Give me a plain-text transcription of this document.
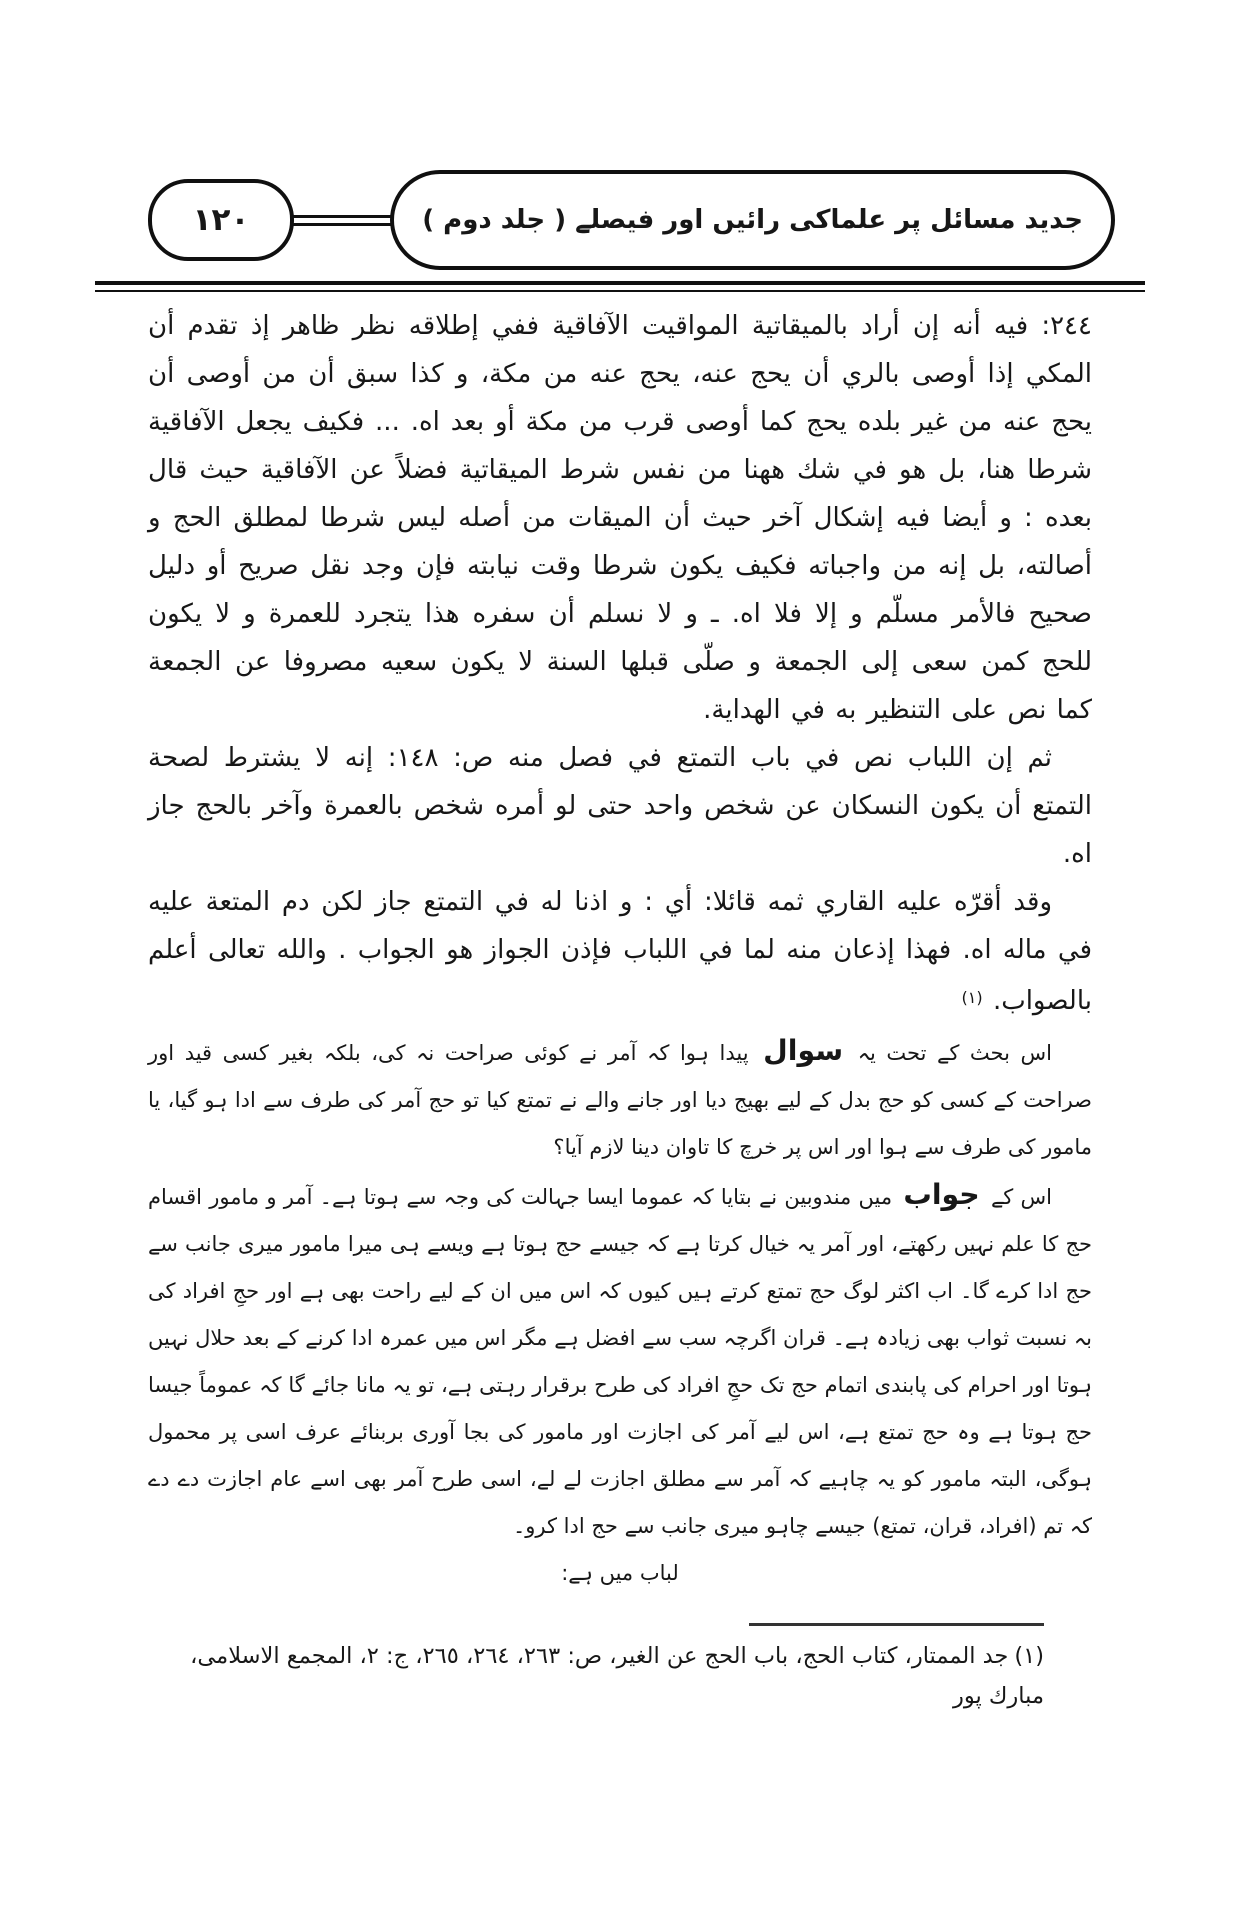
۱۲۰	جدید مسائل پر علماکی رائیں اور فیصلے ( جلد دوم )

٢٤٤: فيه أنه إن أراد بالميقاتية المواقيت الآفاقية ففي إطلاقه نظر ظاهر إذ تقدم أن المكي إذا أوصى بالري أن يحج عنه، يحج عنه من مكة، و كذا سبق أن من أوصى أن يحج عنه من غير بلده يحج كما أوصى قرب من مكة أو بعد اه. ... فكيف يجعل الآفاقية شرطا هنا، بل هو في شك ههنا من نفس شرط الميقاتية فضلاً عن الآفاقية حيث قال بعده : و أيضا فيه إشكال آخر حيث أن الميقات من أصله ليس شرطا لمطلق الحج و أصالته، بل إنه من واجباته فكيف يكون شرطا وقت نيابته فإن وجد نقل صريح أو دليل صحيح فالأمر مسلّم و إلا فلا اه. ـ و لا نسلم أن سفره هذا يتجرد للعمرة و لا يكون للحج كمن سعى إلى الجمعة و صلّى قبلها السنة لا يكون سعيه مصروفا عن الجمعة كما نص على التنظير به في الهداية.

ثم إن اللباب نص في باب التمتع في فصل منه ص: ١٤٨: إنه لا يشترط لصحة التمتع أن يكون النسكان عن شخص واحد حتى لو أمره شخص بالعمرة وآخر بالحج جاز اه.

وقد أقرّه عليه القاري ثمه قائلا: أي : و اذنا له في التمتع جاز لكن دم المتعة عليه في ماله اه. فهذا إذعان منه لما في اللباب فإذن الجواز هو الجواب . والله تعالى أعلم بالصواب. $^{(١)}$

اس بحث کے تحت یہ سوال پیدا ہوا کہ آمر نے کوئی صراحت نہ کی، بلکہ بغیر کسی قید اور صراحت کے کسی کو حج بدل کے لیے بھیج دیا اور جانے والے نے تمتع کیا تو حج آمر کی طرف سے ادا ہو گیا، یا مامور کی طرف سے ہوا اور اس پر خرچ کا تاوان دینا لازم آیا؟

اس کے جواب میں مندوبین نے بتایا کہ عموما ایسا جہالت کی وجہ سے ہوتا ہے۔ آمر و مامور اقسام حج کا علم نہیں رکھتے، اور آمر یہ خیال کرتا ہے کہ جیسے حج ہوتا ہے ویسے ہی میرا مامور میری جانب سے حج ادا کرے گا۔ اب اکثر لوگ حج تمتع کرتے ہیں کیوں کہ اس میں ان کے لیے راحت بھی ہے اور حجِ افراد کی بہ نسبت ثواب بھی زیادہ ہے۔ قران اگرچہ سب سے افضل ہے مگر اس میں عمرہ ادا کرنے کے بعد حلال نہیں ہوتا اور احرام کی پابندی اتمام حج تک حجِ افراد کی طرح برقرار رہتی ہے، تو یہ مانا جائے گا کہ عموماً جیسا حج ہوتا ہے وہ حج تمتع ہے، اس لیے آمر کی اجازت اور مامور کی بجا آوری بربنائے عرف اسی پر محمول ہوگی، البتہ مامور کو یہ چاہیے کہ آمر سے مطلق اجازت لے لے، اسی طرح آمر بھی اسے عام اجازت دے دے کہ تم (افراد، قران، تمتع) جیسے چاہو میری جانب سے حج ادا کرو۔

لباب میں ہے:

(١)جد الممتار، كتاب الحج، باب الحج عن الغير، ص: ٢٦٣، ٢٦٤، ٢٦٥، ج: ٢، المجمع الاسلامى، مبارك پور
